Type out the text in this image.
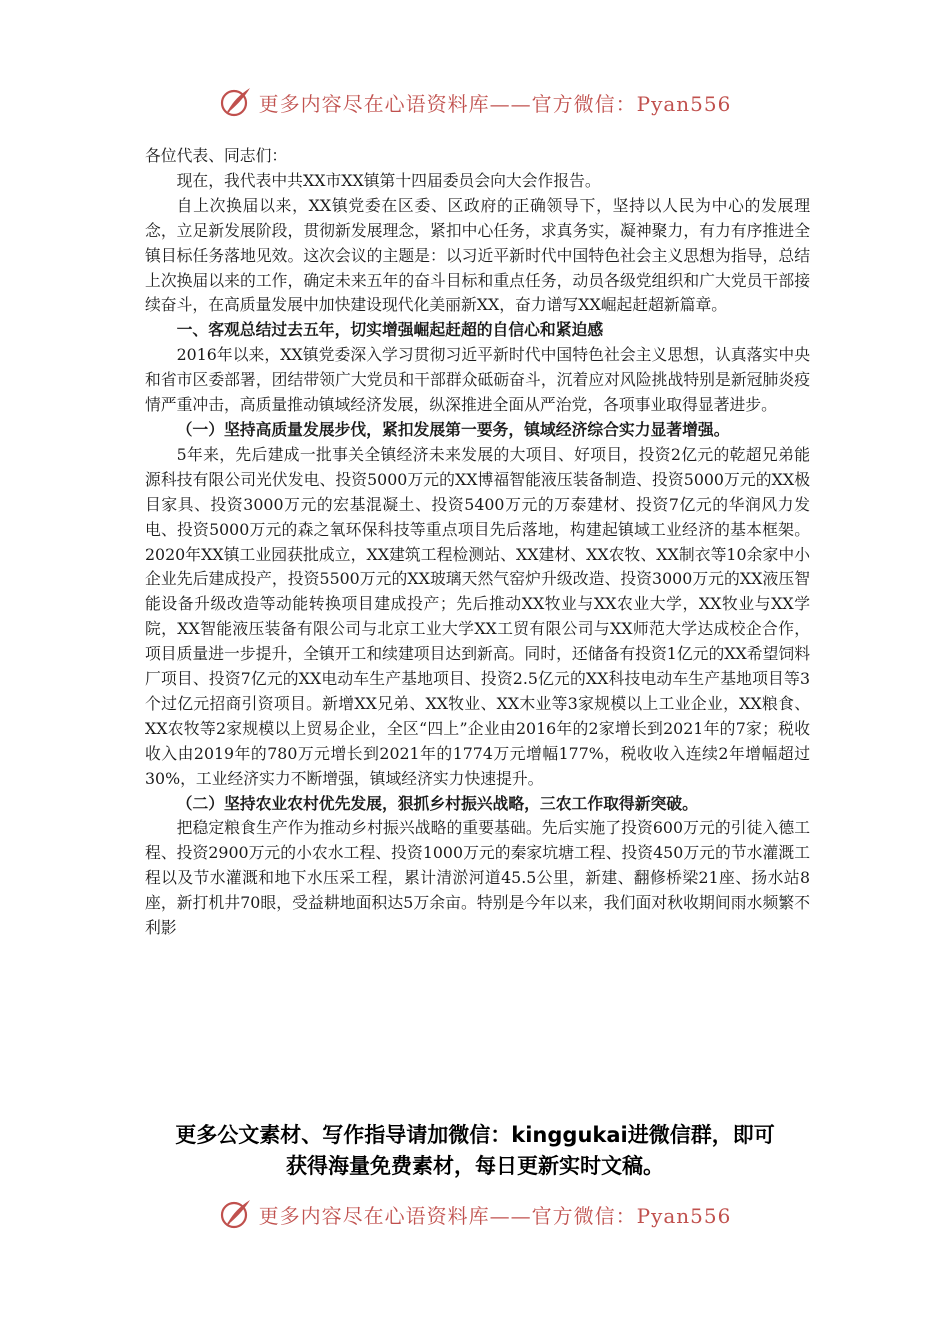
更多内容尽在心语资料库——官方微信：Pyan556

各位代表、同志们：

现在，我代表中共XX市XX镇第十四届委员会向大会作报告。

自上次换届以来，XX镇党委在区委、区政府的正确领导下，坚持以人民为中心的发展理念，立足新发展阶段，贯彻新发展理念，紧扣中心任务，求真务实，凝神聚力，有力有序推进全镇目标任务落地见效。这次会议的主题是：以习近平新时代中国特色社会主义思想为指导，总结上次换届以来的工作，确定未来五年的奋斗目标和重点任务，动员各级党组织和广大党员干部接续奋斗，在高质量发展中加快建设现代化美丽新XX，奋力谱写XX崛起赶超新篇章。

一、客观总结过去五年，切实增强崛起赶超的自信心和紧迫感

2016年以来，XX镇党委深入学习贯彻习近平新时代中国特色社会主义思想，认真落实中央和省市区委部署，团结带领广大党员和干部群众砥砺奋斗，沉着应对风险挑战特别是新冠肺炎疫情严重冲击，高质量推动镇域经济发展，纵深推进全面从严治党，各项事业取得显著进步。

（一）坚持高质量发展步伐，紧扣发展第一要务，镇域经济综合实力显著增强。

5年来，先后建成一批事关全镇经济未来发展的大项目、好项目，投资2亿元的乾超兄弟能源科技有限公司光伏发电、投资5000万元的XX博福智能液压装备制造、投资5000万元的XX极目家具、投资3000万元的宏基混凝土、投资5400万元的万泰建材、投资7亿元的华润风力发电、投资5000万元的森之氧环保科技等重点项目先后落地，构建起镇域工业经济的基本框架。2020年XX镇工业园获批成立，XX建筑工程检测站、XX建材、XX农牧、XX制衣等10余家中小企业先后建成投产，投资5500万元的XX玻璃天然气窑炉升级改造、投资3000万元的XX液压智能设备升级改造等动能转换项目建成投产；先后推动XX牧业与XX农业大学，XX牧业与XX学院，XX智能液压装备有限公司与北京工业大学XX工贸有限公司与XX师范大学达成校企合作，项目质量进一步提升，全镇开工和续建项目达到新高。同时，还储备有投资1亿元的XX希望饲料厂项目、投资7亿元的XX电动车生产基地项目、投资2.5亿元的XX科技电动车生产基地项目等3个过亿元招商引资项目。新增XX兄弟、XX牧业、XX木业等3家规模以上工业企业，XX粮食、XX农牧等2家规模以上贸易企业，全区“四上”企业由2016年的2家增长到2021年的7家；税收收入由2019年的780万元增长到2021年的1774万元增幅177%，税收收入连续2年增幅超过30%，工业经济实力不断增强，镇域经济实力快速提升。

（二）坚持农业农村优先发展，狠抓乡村振兴战略，三农工作取得新突破。

把稳定粮食生产作为推动乡村振兴战略的重要基础。先后实施了投资600万元的引徒入德工程、投资2900万元的小农水工程、投资1000万元的秦家坑塘工程、投资450万元的节水灌溉工程以及节水灌溉和地下水压采工程，累计清淤河道45.5公里，新建、翻修桥梁21座、扬水站8座，新打机井70眼，受益耕地面积达5万余亩。特别是今年以来，我们面对秋收期间雨水频繁不利影

更多公文素材、写作指导请加微信：kinggukai进微信群，即可
获得海量免费素材，每日更新实时文稿。
更多内容尽在心语资料库——官方微信：Pyan556
